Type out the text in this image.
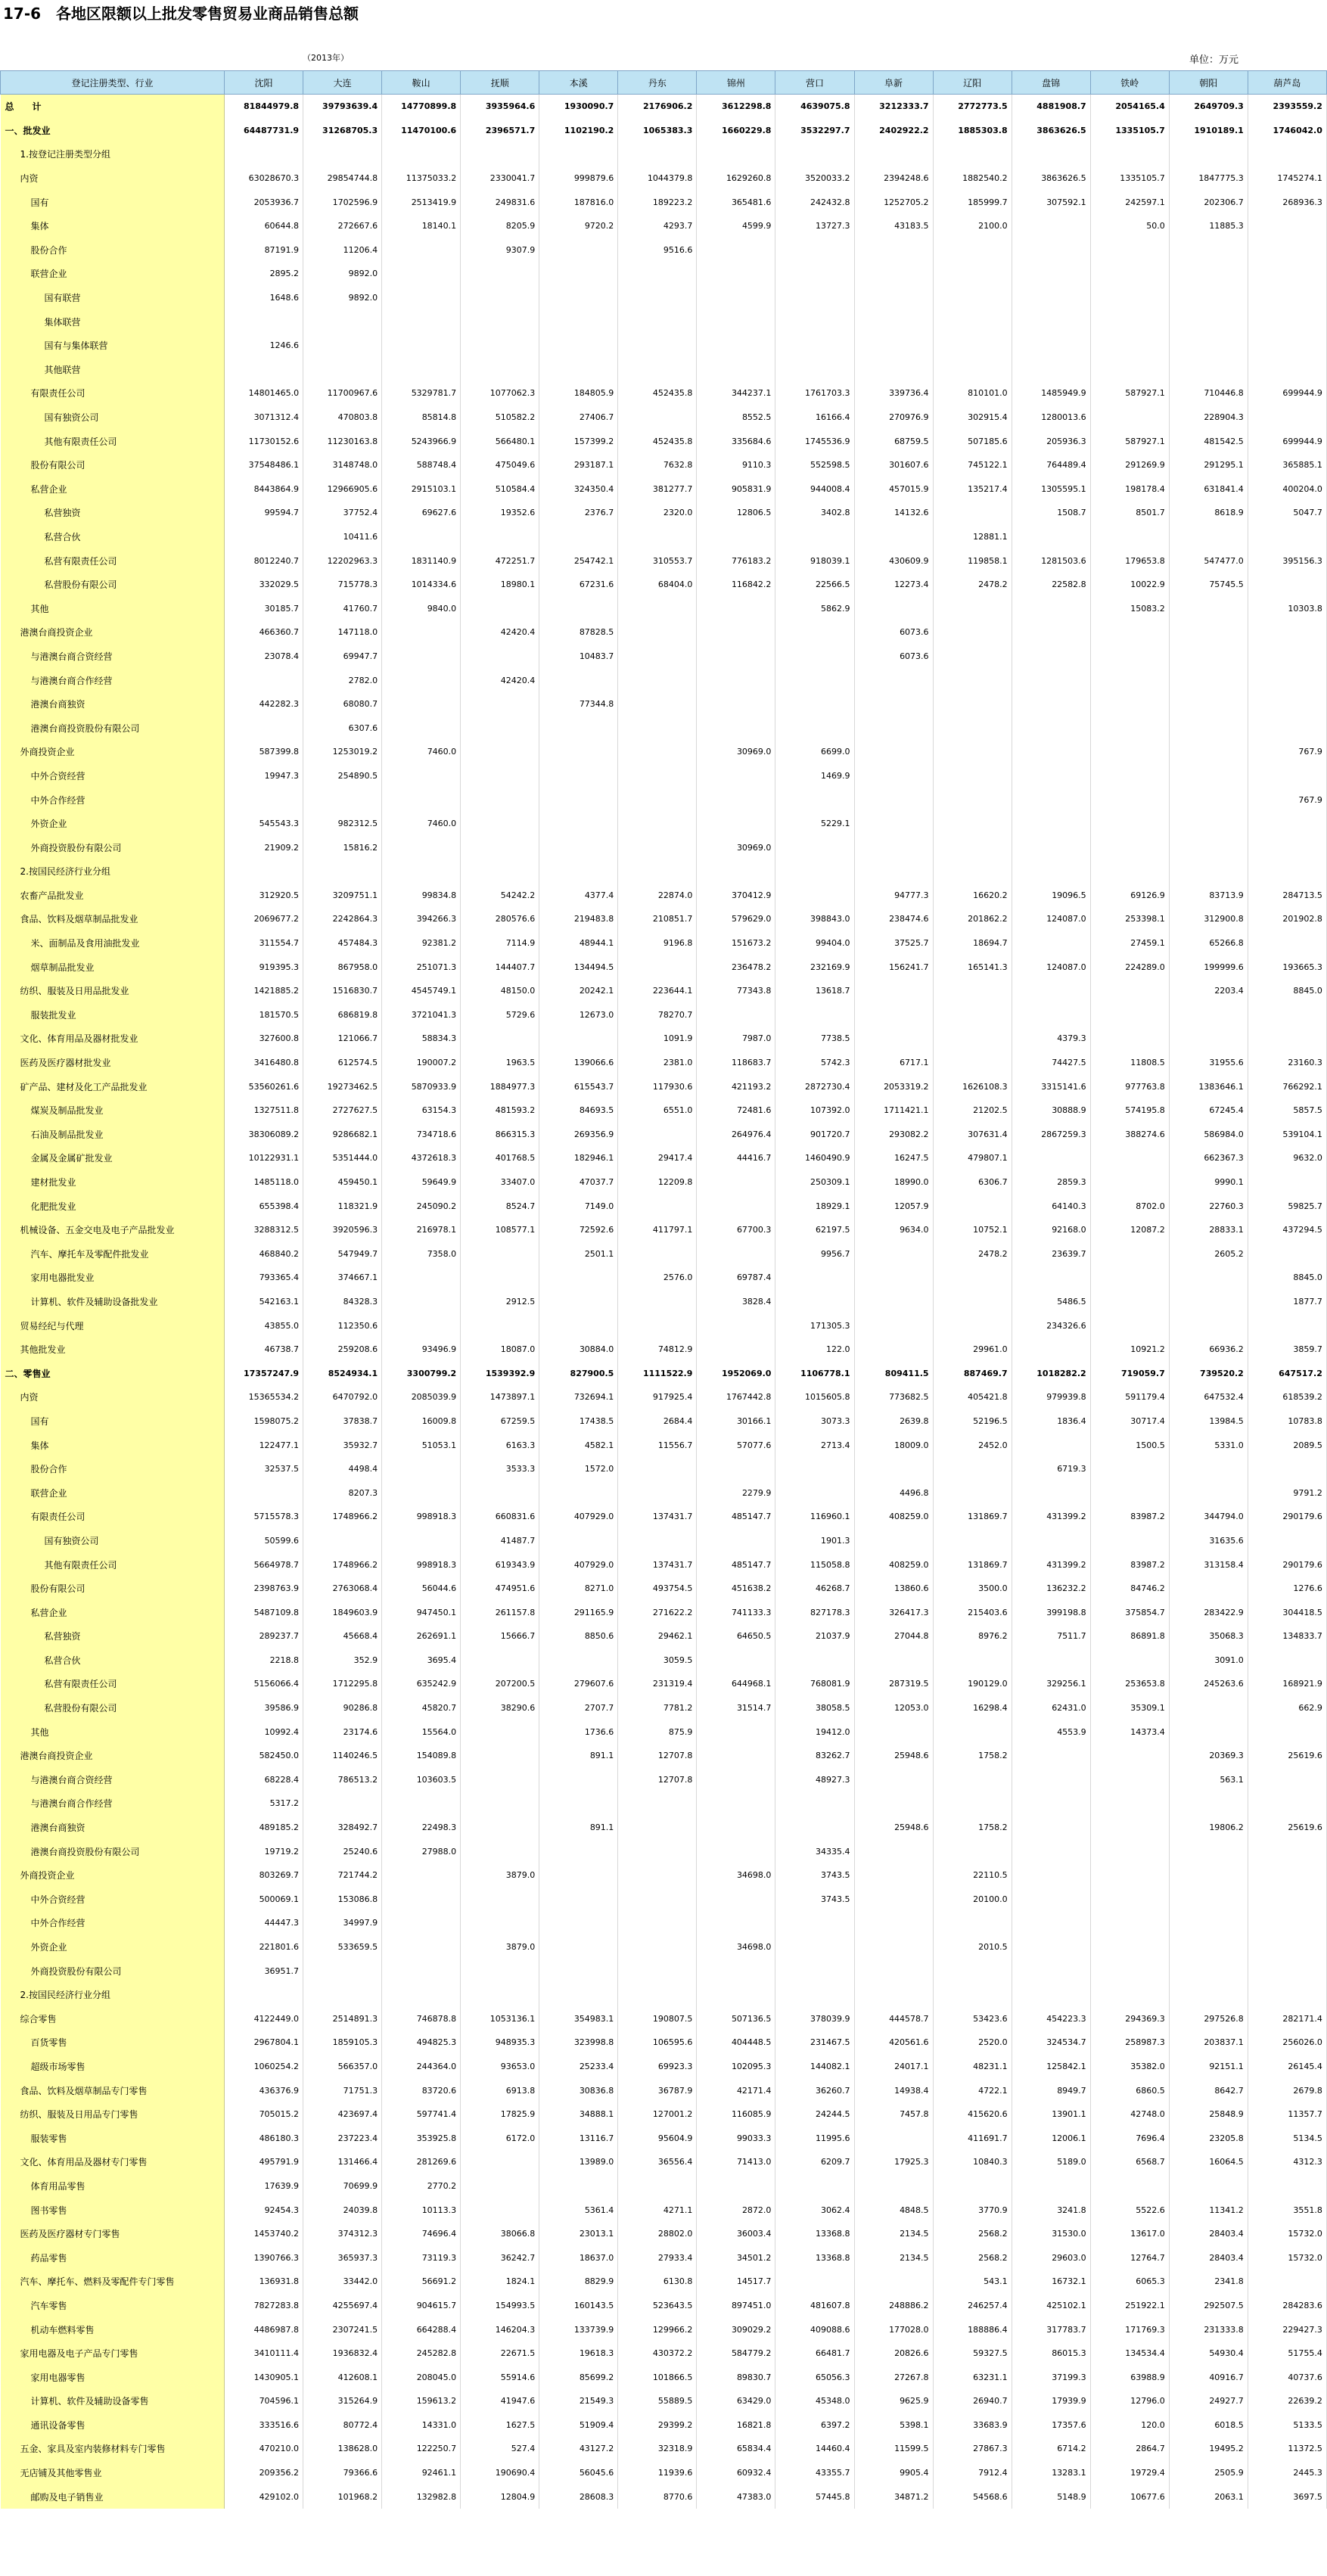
17-6　各地区限额以上批发零售贸易业商品销售总额
（2013年）	单位：万元
登记注册类型、行业	沈阳	大连	鞍山	抚顺	本溪	丹东	锦州	营口	阜新	辽阳	盘锦	铁岭	朝阳	葫芦岛
总　　计	81844979.8	39793639.4	14770899.8	3935964.6	1930090.7	2176906.2	3612298.8	4639075.8	3212333.7	2772773.5	4881908.7	2054165.4	2649709.3	2393559.2
一、批发业	64487731.9	31268705.3	11470100.6	2396571.7	1102190.2	1065383.3	1660229.8	3532297.7	2402922.2	1885303.8	3863626.5	1335105.7	1910189.1	1746042.0
1.按登记注册类型分组														
内资	63028670.3	29854744.8	11375033.2	2330041.7	999879.6	1044379.8	1629260.8	3520033.2	2394248.6	1882540.2	3863626.5	1335105.7	1847775.3	1745274.1
国有	2053936.7	1702596.9	2513419.9	249831.6	187816.0	189223.2	365481.6	242432.8	1252705.2	185999.7	307592.1	242597.1	202306.7	268936.3
集体	60644.8	272667.6	18140.1	8205.9	9720.2	4293.7	4599.9	13727.3	43183.5	2100.0		50.0	11885.3	
股份合作	87191.9	11206.4		9307.9		9516.6								
联营企业	2895.2	9892.0												
国有联营	1648.6	9892.0												
集体联营														
国有与集体联营	1246.6													
其他联营														
有限责任公司	14801465.0	11700967.6	5329781.7	1077062.3	184805.9	452435.8	344237.1	1761703.3	339736.4	810101.0	1485949.9	587927.1	710446.8	699944.9
国有独资公司	3071312.4	470803.8	85814.8	510582.2	27406.7		8552.5	16166.4	270976.9	302915.4	1280013.6		228904.3	
其他有限责任公司	11730152.6	11230163.8	5243966.9	566480.1	157399.2	452435.8	335684.6	1745536.9	68759.5	507185.6	205936.3	587927.1	481542.5	699944.9
股份有限公司	37548486.1	3148748.0	588748.4	475049.6	293187.1	7632.8	9110.3	552598.5	301607.6	745122.1	764489.4	291269.9	291295.1	365885.1
私营企业	8443864.9	12966905.6	2915103.1	510584.4	324350.4	381277.7	905831.9	944008.4	457015.9	135217.4	1305595.1	198178.4	631841.4	400204.0
私营独资	99594.7	37752.4	69627.6	19352.6	2376.7	2320.0	12806.5	3402.8	14132.6		1508.7	8501.7	8618.9	5047.7
私营合伙		10411.6								12881.1				
私营有限责任公司	8012240.7	12202963.3	1831140.9	472251.7	254742.1	310553.7	776183.2	918039.1	430609.9	119858.1	1281503.6	179653.8	547477.0	395156.3
私营股份有限公司	332029.5	715778.3	1014334.6	18980.1	67231.6	68404.0	116842.2	22566.5	12273.4	2478.2	22582.8	10022.9	75745.5	
其他	30185.7	41760.7	9840.0					5862.9				15083.2		10303.8
港澳台商投资企业	466360.7	147118.0		42420.4	87828.5				6073.6					
与港澳台商合资经营	23078.4	69947.7			10483.7				6073.6					
与港澳台商合作经营		2782.0		42420.4										
港澳台商独资	442282.3	68080.7			77344.8									
港澳台商投资股份有限公司		6307.6												
外商投资企业	587399.8	1253019.2	7460.0				30969.0	6699.0						767.9
中外合资经营	19947.3	254890.5						1469.9						
中外合作经营														767.9
外资企业	545543.3	982312.5	7460.0					5229.1						
外商投资股份有限公司	21909.2	15816.2					30969.0							
2.按国民经济行业分组														
农畜产品批发业	312920.5	3209751.1	99834.8	54242.2	4377.4	22874.0	370412.9		94777.3	16620.2	19096.5	69126.9	83713.9	284713.5
食品、饮料及烟草制品批发业	2069677.2	2242864.3	394266.3	280576.6	219483.8	210851.7	579629.0	398843.0	238474.6	201862.2	124087.0	253398.1	312900.8	201902.8
米、面制品及食用油批发业	311554.7	457484.3	92381.2	7114.9	48944.1	9196.8	151673.2	99404.0	37525.7	18694.7		27459.1	65266.8	
烟草制品批发业	919395.3	867958.0	251071.3	144407.7	134494.5		236478.2	232169.9	156241.7	165141.3	124087.0	224289.0	199999.6	193665.3
纺织、服装及日用品批发业	1421885.2	1516830.7	4545749.1	48150.0	20242.1	223644.1	77343.8	13618.7					2203.4	8845.0
服装批发业	181570.5	686819.8	3721041.3	5729.6	12673.0	78270.7								
文化、体育用品及器材批发业	327600.8	121066.7	58834.3			1091.9	7987.0	7738.5			4379.3			
医药及医疗器材批发业	3416480.8	612574.5	190007.2	1963.5	139066.6	2381.0	118683.7	5742.3	6717.1		74427.5	11808.5	31955.6	23160.3
矿产品、建材及化工产品批发业	53560261.6	19273462.5	5870933.9	1884977.3	615543.7	117930.6	421193.2	2872730.4	2053319.2	1626108.3	3315141.6	977763.8	1383646.1	766292.1
煤炭及制品批发业	1327511.8	2727627.5	63154.3	481593.2	84693.5	6551.0	72481.6	107392.0	1711421.1	21202.5	30888.9	574195.8	67245.4	5857.5
石油及制品批发业	38306089.2	9286682.1	734718.6	866315.3	269356.9		264976.4	901720.7	293082.2	307631.4	2867259.3	388274.6	586984.0	539104.1
金属及金属矿批发业	10122931.1	5351444.0	4372618.3	401768.5	182946.1	29417.4	44416.7	1460490.9	16247.5	479807.1			662367.3	9632.0
建材批发业	1485118.0	459450.1	59649.9	33407.0	47037.7	12209.8		250309.1	18990.0	6306.7	2859.3		9990.1	
化肥批发业	655398.4	118321.9	245090.2	8524.7	7149.0			18929.1	12057.9		64140.3	8702.0	22760.3	59825.7
机械设备、五金交电及电子产品批发业	3288312.5	3920596.3	216978.1	108577.1	72592.6	411797.1	67700.3	62197.5	9634.0	10752.1	92168.0	12087.2	28833.1	437294.5
汽车、摩托车及零配件批发业	468840.2	547949.7	7358.0		2501.1			9956.7		2478.2	23639.7		2605.2	
家用电器批发业	793365.4	374667.1				2576.0	69787.4							8845.0
计算机、软件及辅助设备批发业	542163.1	84328.3		2912.5			3828.4				5486.5			1877.7
贸易经纪与代理	43855.0	112350.6						171305.3			234326.6			
其他批发业	46738.7	259208.6	93496.9	18087.0	30884.0	74812.9		122.0		29961.0		10921.2	66936.2	3859.7
二、零售业	17357247.9	8524934.1	3300799.2	1539392.9	827900.5	1111522.9	1952069.0	1106778.1	809411.5	887469.7	1018282.2	719059.7	739520.2	647517.2
内资	15365534.2	6470792.0	2085039.9	1473897.1	732694.1	917925.4	1767442.8	1015605.8	773682.5	405421.8	979939.8	591179.4	647532.4	618539.2
国有	1598075.2	37838.7	16009.8	67259.5	17438.5	2684.4	30166.1	3073.3	2639.8	52196.5	1836.4	30717.4	13984.5	10783.8
集体	122477.1	35932.7	51053.1	6163.3	4582.1	11556.7	57077.6	2713.4	18009.0	2452.0		1500.5	5331.0	2089.5
股份合作	32537.5	4498.4		3533.3	1572.0						6719.3			
联营企业		8207.3					2279.9		4496.8					9791.2
有限责任公司	5715578.3	1748966.2	998918.3	660831.6	407929.0	137431.7	485147.7	116960.1	408259.0	131869.7	431399.2	83987.2	344794.0	290179.6
国有独资公司	50599.6			41487.7				1901.3					31635.6	
其他有限责任公司	5664978.7	1748966.2	998918.3	619343.9	407929.0	137431.7	485147.7	115058.8	408259.0	131869.7	431399.2	83987.2	313158.4	290179.6
股份有限公司	2398763.9	2763068.4	56044.6	474951.6	8271.0	493754.5	451638.2	46268.7	13860.6	3500.0	136232.2	84746.2		1276.6
私营企业	5487109.8	1849603.9	947450.1	261157.8	291165.9	271622.2	741133.3	827178.3	326417.3	215403.6	399198.8	375854.7	283422.9	304418.5
私营独资	289237.7	45668.4	262691.1	15666.7	8850.6	29462.1	64650.5	21037.9	27044.8	8976.2	7511.7	86891.8	35068.3	134833.7
私营合伙	2218.8	352.9	3695.4			3059.5							3091.0	
私营有限责任公司	5156066.4	1712295.8	635242.9	207200.5	279607.6	231319.4	644968.1	768081.9	287319.5	190129.0	329256.1	253653.8	245263.6	168921.9
私营股份有限公司	39586.9	90286.8	45820.7	38290.6	2707.7	7781.2	31514.7	38058.5	12053.0	16298.4	62431.0	35309.1		662.9
其他	10992.4	23174.6	15564.0		1736.6	875.9		19412.0			4553.9	14373.4		
港澳台商投资企业	582450.0	1140246.5	154089.8		891.1	12707.8		83262.7	25948.6	1758.2			20369.3	25619.6
与港澳台商合资经营	68228.4	786513.2	103603.5			12707.8		48927.3					563.1	
与港澳台商合作经营	5317.2													
港澳台商独资	489185.2	328492.7	22498.3		891.1				25948.6	1758.2			19806.2	25619.6
港澳台商投资股份有限公司	19719.2	25240.6	27988.0					34335.4						
外商投资企业	803269.7	721744.2		3879.0			34698.0	3743.5		22110.5				
中外合资经营	500069.1	153086.8						3743.5		20100.0				
中外合作经营	44447.3	34997.9												
外资企业	221801.6	533659.5		3879.0			34698.0			2010.5				
外商投资股份有限公司	36951.7													
2.按国民经济行业分组														
综合零售	4122449.0	2514891.3	746878.8	1053136.1	354983.1	190807.5	507136.5	378039.9	444578.7	53423.6	454223.3	294369.3	297526.8	282171.4
百货零售	2967804.1	1859105.3	494825.3	948935.3	323998.8	106595.6	404448.5	231467.5	420561.6	2520.0	324534.7	258987.3	203837.1	256026.0
超级市场零售	1060254.2	566357.0	244364.0	93653.0	25233.4	69923.3	102095.3	144082.1	24017.1	48231.1	125842.1	35382.0	92151.1	26145.4
食品、饮料及烟草制品专门零售	436376.9	71751.3	83720.6	6913.8	30836.8	36787.9	42171.4	36260.7	14938.4	4722.1	8949.7	6860.5	8642.7	2679.8
纺织、服装及日用品专门零售	705015.2	423697.4	597741.4	17825.9	34888.1	127001.2	116085.9	24244.5	7457.8	415620.6	13901.1	42748.0	25848.9	11357.7
服装零售	486180.3	237223.4	353925.8	6172.0	13116.7	95604.9	99033.3	11995.6		411691.7	12006.1	7696.4	23205.8	5134.5
文化、体育用品及器材专门零售	495791.9	131466.4	281269.6		13989.0	36556.4	71413.0	6209.7	17925.3	10840.3	5189.0	6568.7	16064.5	4312.3
体育用品零售	17639.9	70699.9	2770.2											
图书零售	92454.3	24039.8	10113.3		5361.4	4271.1	2872.0	3062.4	4848.5	3770.9	3241.8	5522.6	11341.2	3551.8
医药及医疗器材专门零售	1453740.2	374312.3	74696.4	38066.8	23013.1	28802.0	36003.4	13368.8	2134.5	2568.2	31530.0	13617.0	28403.4	15732.0
药品零售	1390766.3	365937.3	73119.3	36242.7	18637.0	27933.4	34501.2	13368.8	2134.5	2568.2	29603.0	12764.7	28403.4	15732.0
汽车、摩托车、燃料及零配件专门零售	136931.8	33442.0	56691.2	1824.1	8829.9	6130.8	14517.7			543.1	16732.1	6065.3	2341.8	
汽车零售	7827283.8	4255697.4	904615.7	154993.5	160143.5	523643.5	897451.0	481607.8	248886.2	246257.4	425102.1	251922.1	292507.5	284283.6
机动车燃料零售	4486987.8	2307241.5	664288.4	146204.3	133739.9	129966.2	309029.2	409088.6	177028.0	188886.4	317783.7	171769.3	231333.8	229427.3
家用电器及电子产品专门零售	3410111.4	1936832.4	245282.8	22671.5	19618.3	430372.2	584779.2	66481.7	20826.6	59327.5	86015.3	134534.4	54930.4	51755.4
家用电器零售	1430905.1	412608.1	208045.0	55914.6	85699.2	101866.5	89830.7	65056.3	27267.8	63231.1	37199.3	63988.9	40916.7	40737.6
计算机、软件及辅助设备零售	704596.1	315264.9	159613.2	41947.6	21549.3	55889.5	63429.0	45348.0	9625.9	26940.7	17939.9	12796.0	24927.7	22639.2
通讯设备零售	333516.6	80772.4	14331.0	1627.5	51909.4	29399.2	16821.8	6397.2	5398.1	33683.9	17357.6	120.0	6018.5	5133.5
五金、家具及室内装修材料专门零售	470210.0	138628.0	122250.7	527.4	43127.2	32318.9	65834.4	14460.4	11599.5	27867.3	6714.2	2864.7	19495.2	11372.5
无店铺及其他零售业	209356.2	79366.6	92461.1	190690.4	56045.6	11939.6	60932.4	43355.7	9905.4	7912.4	13283.1	19729.4	2505.9	2445.3
邮购及电子销售业	429102.0	101968.2	132982.8	12804.9	28608.3	8770.6	47383.0	57445.8	34871.2	54568.6	5148.9	10677.6	2063.1	3697.5
